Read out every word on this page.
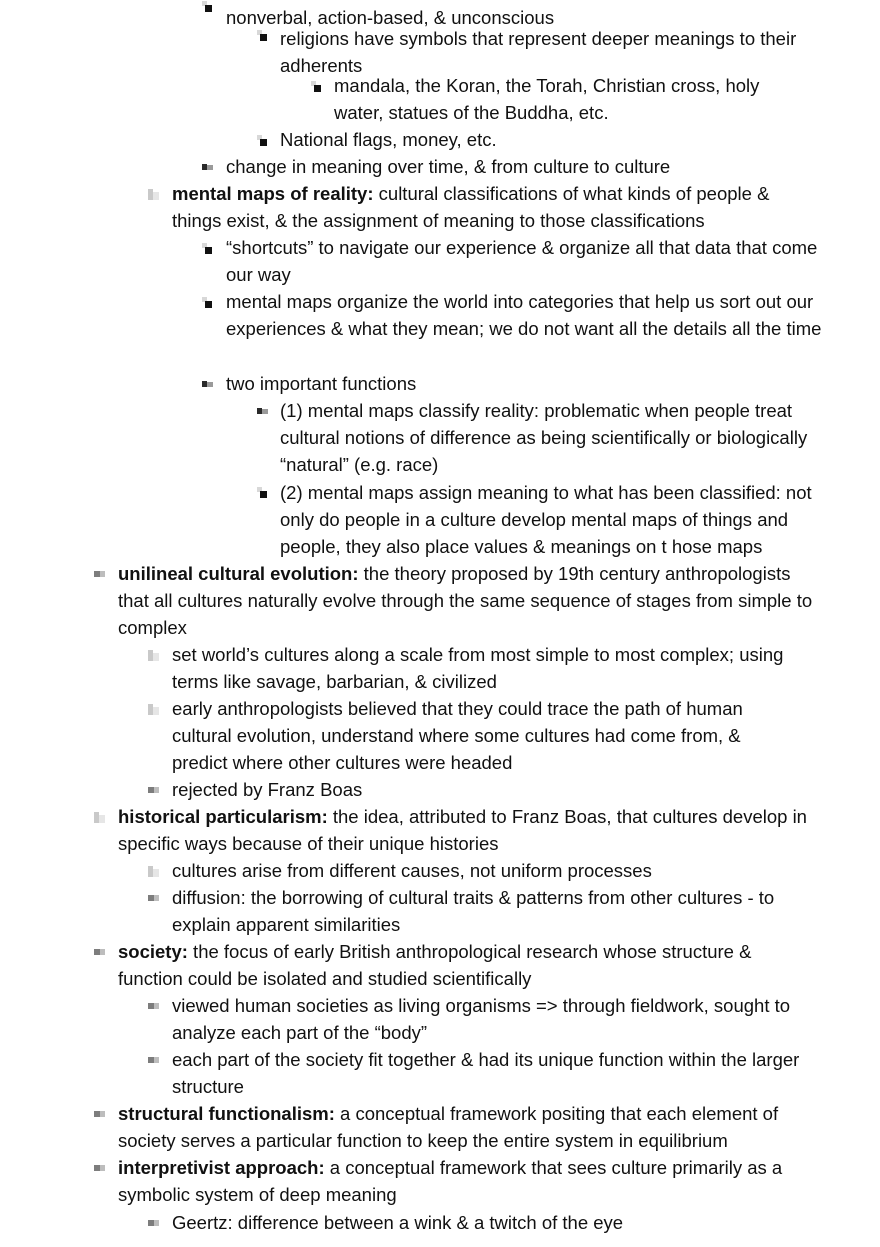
nonverbal, action-based, & unconscious
religions have symbols that represent deeper meanings to their adherents
mandala, the Koran, the Torah, Christian cross, holy water, statues of the Buddha, etc.
National flags, money, etc.
change in meaning over time, & from culture to culture
mental maps of reality: cultural classifications of what kinds of people & things exist, & the assignment of meaning to those classifications
“shortcuts” to navigate our experience & organize all that data that come our way
mental maps organize the world into categories that help us sort out our experiences & what they mean; we do not want all the details all the time
two important functions
(1) mental maps classify reality: problematic when people treat cultural notions of difference as being scientifically or biologically “natural” (e.g. race)
(2) mental maps assign meaning to what has been classified: not only do people in a culture develop mental maps of things and people, they also place values & meanings on t hose maps
unilineal cultural evolution: the theory proposed by 19th century anthropologists that all cultures naturally evolve through the same sequence of stages from simple to complex
set world’s cultures along a scale from most simple to most complex; using terms like savage, barbarian, & civilized
early anthropologists believed that they could trace the path of human cultural evolution, understand where some cultures had come from, & predict where other cultures were headed
rejected by Franz Boas
historical particularism: the idea, attributed to Franz Boas, that cultures develop in specific ways because of their unique histories
cultures arise from different causes, not uniform processes
diffusion: the borrowing of cultural traits & patterns from other cultures - to explain apparent similarities
society: the focus of early British anthropological research whose structure & function could be isolated and studied scientifically
viewed human societies as living organisms => through fieldwork, sought to analyze each part of the “body”
each part of the society fit together & had its unique function within the larger structure
structural functionalism: a conceptual framework positing that each element of society serves a particular function to keep the entire system in equilibrium
interpretivist approach: a conceptual framework that sees culture primarily as a symbolic system of deep meaning
Geertz: difference between a wink & a twitch of the eye
